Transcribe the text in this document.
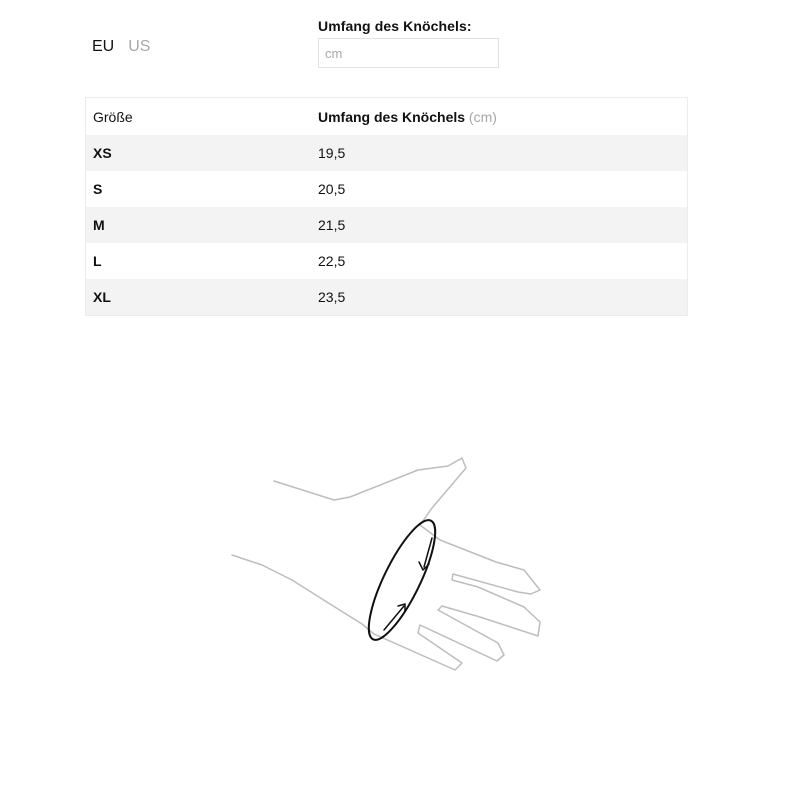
EU US
Umfang des Knöchels:
cm
Größe	Umfang des Knöchels (cm)
XS	19,5
S	20,5
M	21,5
L	22,5
XL	23,5
